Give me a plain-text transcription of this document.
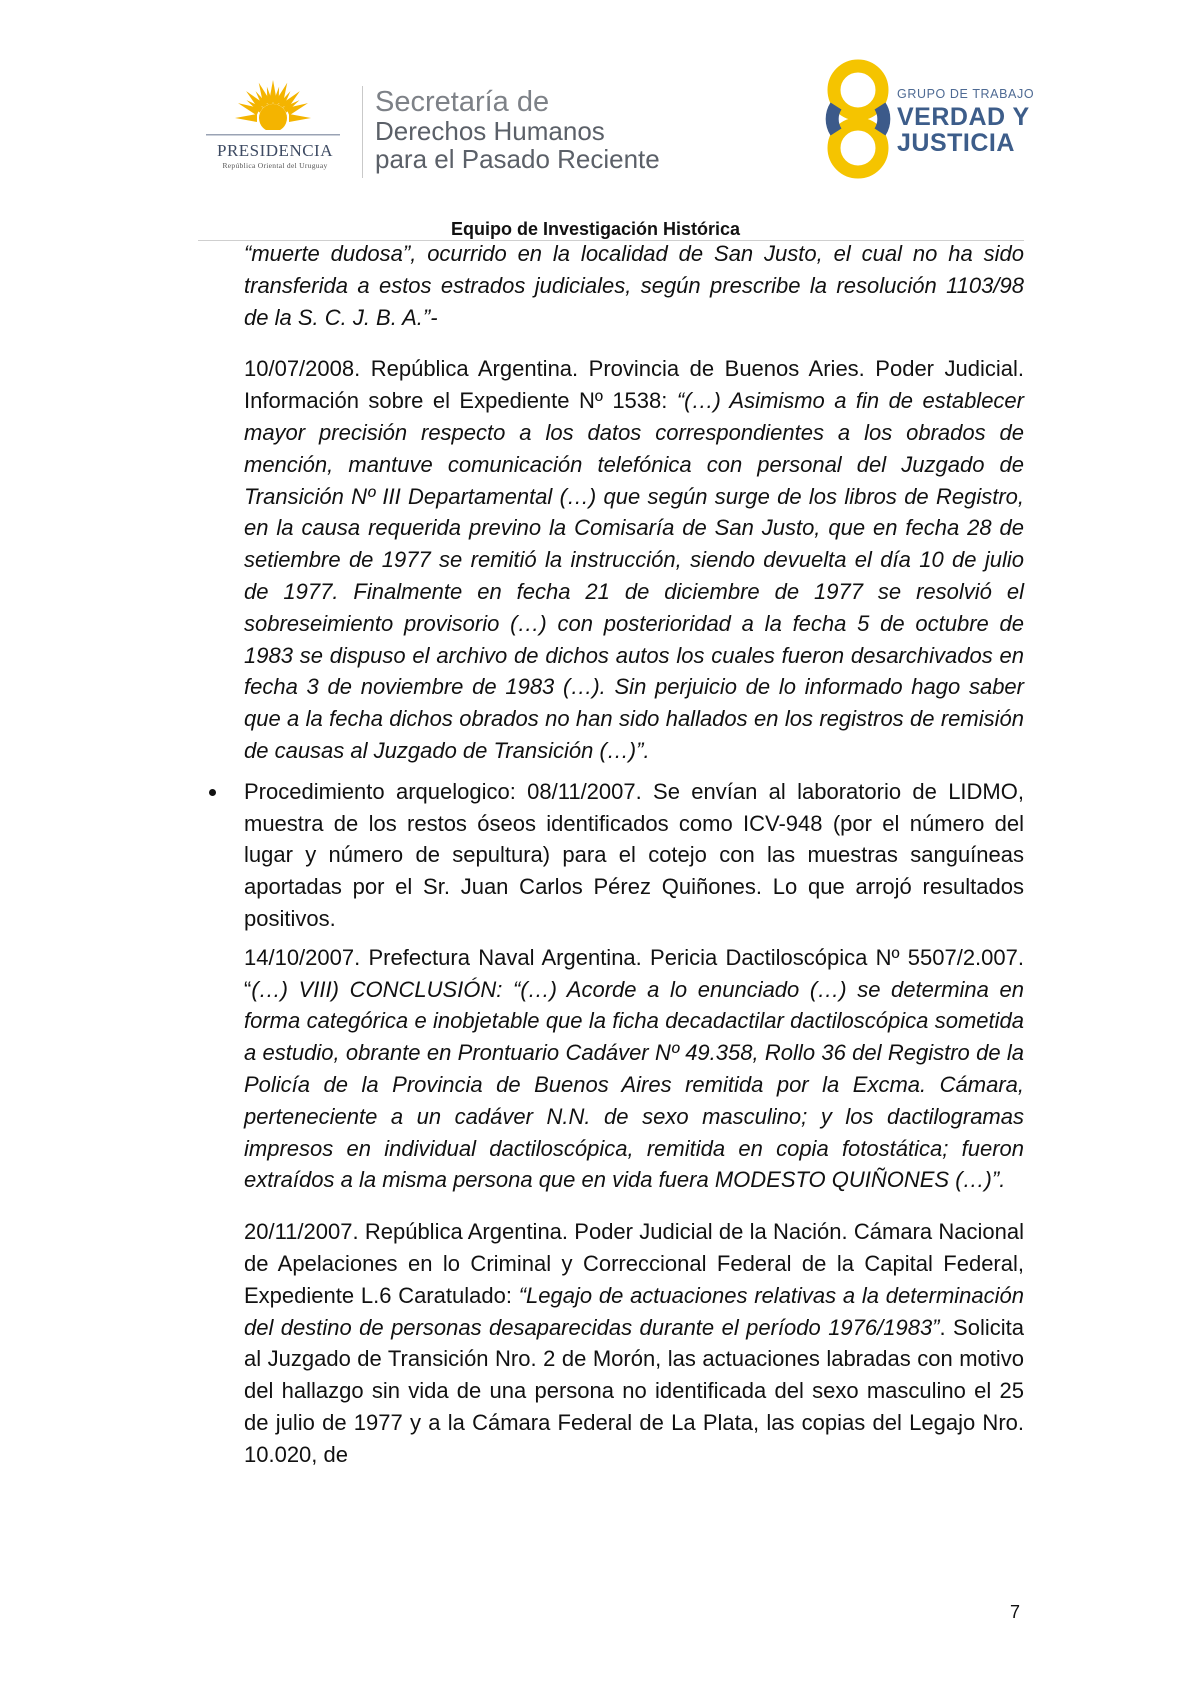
PRESIDENCIA
República Oriental del Uruguay
Secretaría de
Derechos Humanos
para el Pasado Reciente
GRUPO DE TRABAJO
VERDAD Y
JUSTICIA
Equipo de Investigación Histórica

“muerte dudosa”, ocurrido en la localidad de San Justo, el cual no ha sido transferida a estos estrados judiciales, según prescribe la resolución 1103/98 de la S. C. J. B. A.”-

10/07/2008. República Argentina. Provincia de Buenos Aries. Poder Judicial. Información sobre el Expediente Nº 1538: “(…) Asimismo a fin de establecer mayor precisión respecto a los datos correspondientes a los obrados de mención, mantuve comunicación telefónica con personal del Juzgado de Transición Nº III Departamental (…) que según surge de los libros de Registro, en la causa requerida previno la Comisaría de San Justo, que en fecha 28 de setiembre de 1977 se remitió la instrucción, siendo devuelta el día 10 de julio de 1977. Finalmente en fecha 21 de diciembre de 1977 se resolvió el sobreseimiento provisorio (…) con posterioridad a la fecha 5 de octubre de 1983 se dispuso el archivo de dichos autos los cuales fueron desarchivados en fecha 3 de noviembre de 1983 (…). Sin perjuicio de lo informado hago saber que a la fecha dichos obrados no han sido hallados en los registros de remisión de causas al Juzgado de Transición (…)”.

Procedimiento arquelogico: 08/11/2007. Se envían al laboratorio de LIDMO, muestra de los restos óseos identificados como ICV-948 (por el número del lugar y número de sepultura) para el cotejo con las muestras sanguíneas aportadas por el Sr. Juan Carlos Pérez Quiñones. Lo que arrojó resultados positivos.

14/10/2007. Prefectura Naval Argentina. Pericia Dactiloscópica Nº 5507/2.007. “(…) VIII) CONCLUSIÓN: “(…) Acorde a lo enunciado (…) se determina en forma categórica e inobjetable que la ficha decadactilar dactiloscópica sometida a estudio, obrante en Prontuario Cadáver Nº 49.358, Rollo 36 del Registro de la Policía de la Provincia de Buenos Aires remitida por la Excma. Cámara, perteneciente a un cadáver N.N. de sexo masculino; y los dactilogramas impresos en individual dactiloscópica, remitida en copia fotostática; fueron extraídos a la misma persona que en vida fuera MODESTO QUIÑONES (…)”.

20/11/2007. República Argentina. Poder Judicial de la Nación. Cámara Nacional de Apelaciones en lo Criminal y Correccional Federal de la Capital Federal, Expediente L.6 Caratulado: “Legajo de actuaciones relativas a la determinación del destino de personas desaparecidas durante el período 1976/1983”. Solicita al Juzgado de Transición Nro. 2 de Morón, las actuaciones labradas con motivo del hallazgo sin vida de una persona no identificada del sexo masculino el 25 de julio de 1977 y a la Cámara Federal de La Plata, las copias del Legajo Nro. 10.020, de

7
